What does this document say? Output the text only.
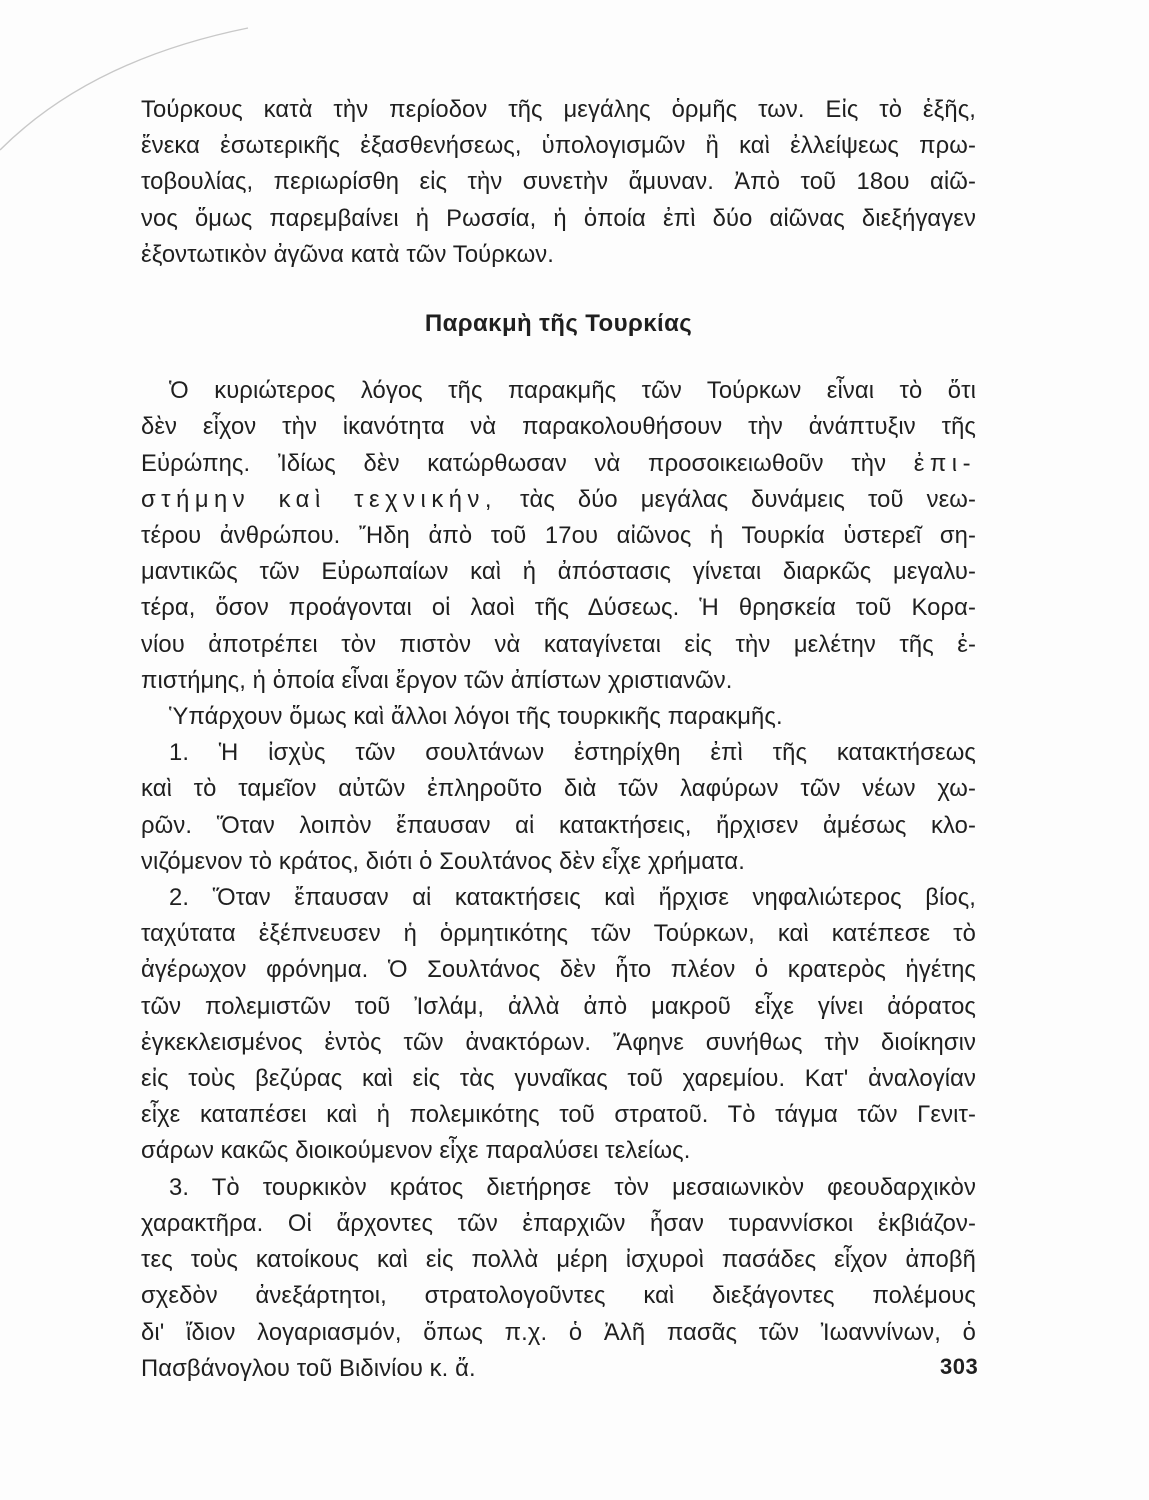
Τούρκους κατὰ τὴν περίοδον τῆς μεγάλης ὁρμῆς των. Εἰς τὸ ἑξῆς,
ἕνεκα ἐσωτερικῆς ἐξασθενήσεως, ὑπολογισμῶν ἢ καὶ ἐλλείψεως πρω-
τοβουλίας, περιωρίσθη εἰς τὴν συνετὴν ἄμυναν. Ἀπὸ τοῦ 18ου αἰῶ-
νος ὅμως παρεμβαίνει ἡ Ρωσσία, ἡ ὁποία ἐπὶ δύο αἰῶνας διεξήγαγεν
ἐξοντωτικὸν ἀγῶνα κατὰ τῶν Τούρκων.

Παρακμὴ τῆς Τουρκίας

Ὁ κυριώτερος λόγος τῆς παρακμῆς τῶν Τούρκων εἶναι τὸ ὅτι
δὲν εἶχον τὴν ἱκανότητα νὰ παρακολουθήσουν τὴν ἀνάπτυξιν τῆς
Εὐρώπης. Ἰδίως δὲν κατώρθωσαν νὰ προσοικειωθοῦν τὴν ἐπι-
στήμην καὶ τεχνικήν, τὰς δύο μεγάλας δυνάμεις τοῦ νεω-
τέρου ἀνθρώπου. Ἤδη ἀπὸ τοῦ 17ου αἰῶνος ἡ Τουρκία ὑστερεῖ ση-
μαντικῶς τῶν Εὐρωπαίων καὶ ἡ ἀπόστασις γίνεται διαρκῶς μεγαλυ-
τέρα, ὅσον προάγονται οἱ λαοὶ τῆς Δύσεως. Ἡ θρησκεία τοῦ Κορα-
νίου ἀποτρέπει τὸν πιστὸν νὰ καταγίνεται εἰς τὴν μελέτην τῆς ἐ-
πιστήμης, ἡ ὁποία εἶναι ἔργον τῶν ἀπίστων χριστιανῶν.

Ὑπάρχουν ὅμως καὶ ἄλλοι λόγοι τῆς τουρκικῆς παρακμῆς.

1. Ἡ ἰσχὺς τῶν σουλτάνων ἐστηρίχθη ἐπὶ τῆς κατακτήσεως
καὶ τὸ ταμεῖον αὐτῶν ἐπληροῦτο διὰ τῶν λαφύρων τῶν νέων χω-
ρῶν. Ὅταν λοιπὸν ἔπαυσαν αἱ κατακτήσεις, ἤρχισεν ἀμέσως κλο-
νιζόμενον τὸ κράτος, διότι ὁ Σουλτάνος δὲν εἶχε χρήματα.

2. Ὅταν ἔπαυσαν αἱ κατακτήσεις καὶ ἤρχισε νηφαλιώτερος βίος,
ταχύτατα ἐξέπνευσεν ἡ ὁρμητικότης τῶν Τούρκων, καὶ κατέπεσε τὸ
ἀγέρωχον φρόνημα. Ὁ Σουλτάνος δὲν ἦτο πλέον ὁ κρατερὸς ἡγέτης
τῶν πολεμιστῶν τοῦ Ἰσλάμ, ἀλλὰ ἀπὸ μακροῦ εἶχε γίνει ἀόρατος
ἐγκεκλεισμένος ἐντὸς τῶν ἀνακτόρων. Ἄφηνε συνήθως τὴν διοίκησιν
εἰς τοὺς βεζύρας καὶ εἰς τὰς γυναῖκας τοῦ χαρεμίου. Κατ' ἀναλογίαν
εἶχε καταπέσει καὶ ἡ πολεμικότης τοῦ στρατοῦ. Τὸ τάγμα τῶν Γενιτ-
σάρων κακῶς διοικούμενον εἶχε παραλύσει τελείως.

3. Τὸ τουρκικὸν κράτος διετήρησε τὸν μεσαιωνικὸν φεουδαρχικὸν
χαρακτῆρα. Οἱ ἄρχοντες τῶν ἐπαρχιῶν ἦσαν τυραννίσκοι ἐκβιάζον-
τες τοὺς κατοίκους καὶ εἰς πολλὰ μέρη ἰσχυροὶ πασάδες εἶχον ἀποβῆ
σχεδὸν ἀνεξάρτητοι, στρατολογοῦντες καὶ διεξάγοντες πολέμους
δι' ἴδιον λογαριασμόν, ὅπως π.χ. ὁ Ἀλῆ πασᾶς τῶν Ἰωαννίνων, ὁ
Πασβάνογλου τοῦ Βιδινίου κ. ἄ.	303
